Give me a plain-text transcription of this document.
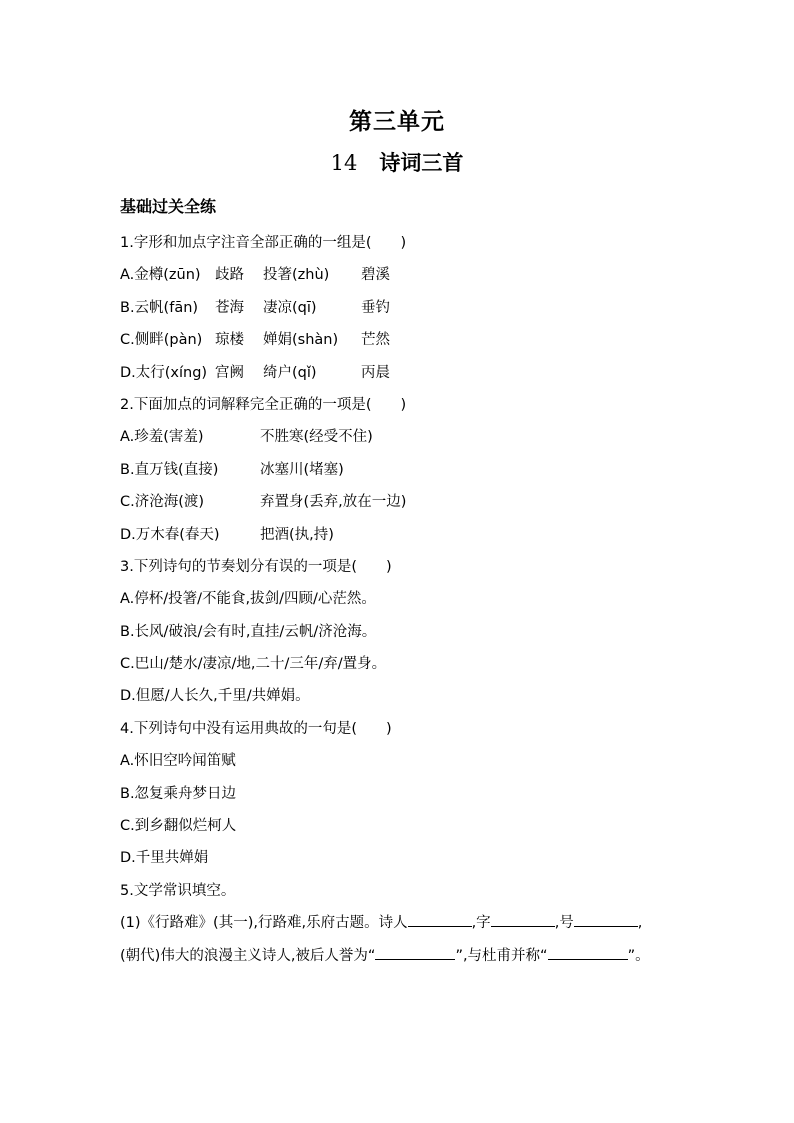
第三单元
14 诗词三首
基础过关全练
1.字形和加点字注音全部正确的一组是(　　)
A.金樽(zūn) 歧路 投箸(zhù) 碧溪
B.云帆(fān) 苍海 凄凉(qī)	垂钓
C.侧畔(pàn) 琼楼 婵娟(shàn) 芒然
D.太行(xíng) 宫阙 绮户(qǐ)	丙晨
2.下面加点的词解释完全正确的一项是(　　)
A.珍羞(害羞)	不胜寒(经受不住)
B.直万钱(直接)	冰塞川(堵塞)
C.济沧海(渡)	弃置身(丢弃,放在一边)
D.万木春(春天)	把酒(执,持)
3.下列诗句的节奏划分有误的一项是(　　)
A.停杯/投箸/不能食,拔剑/四顾/心茫然。
B.长风/破浪/会有时,直挂/云帆/济沧海。
C.巴山/楚水/凄凉/地,二十/三年/弃/置身。
D.但愿/人长久,千里/共婵娟。
4.下列诗句中没有运用典故的一句是(　　)
A.怀旧空吟闻笛赋
B.忽复乘舟梦日边
C.到乡翻似烂柯人
D.千里共婵娟
5.文学常识填空。
(1)《行路难》(其一),行路难,乐府古题。诗人	,字	,号	,
(朝代)伟大的浪漫主义诗人,被后人誉为“	”,与杜甫并称“	”。
